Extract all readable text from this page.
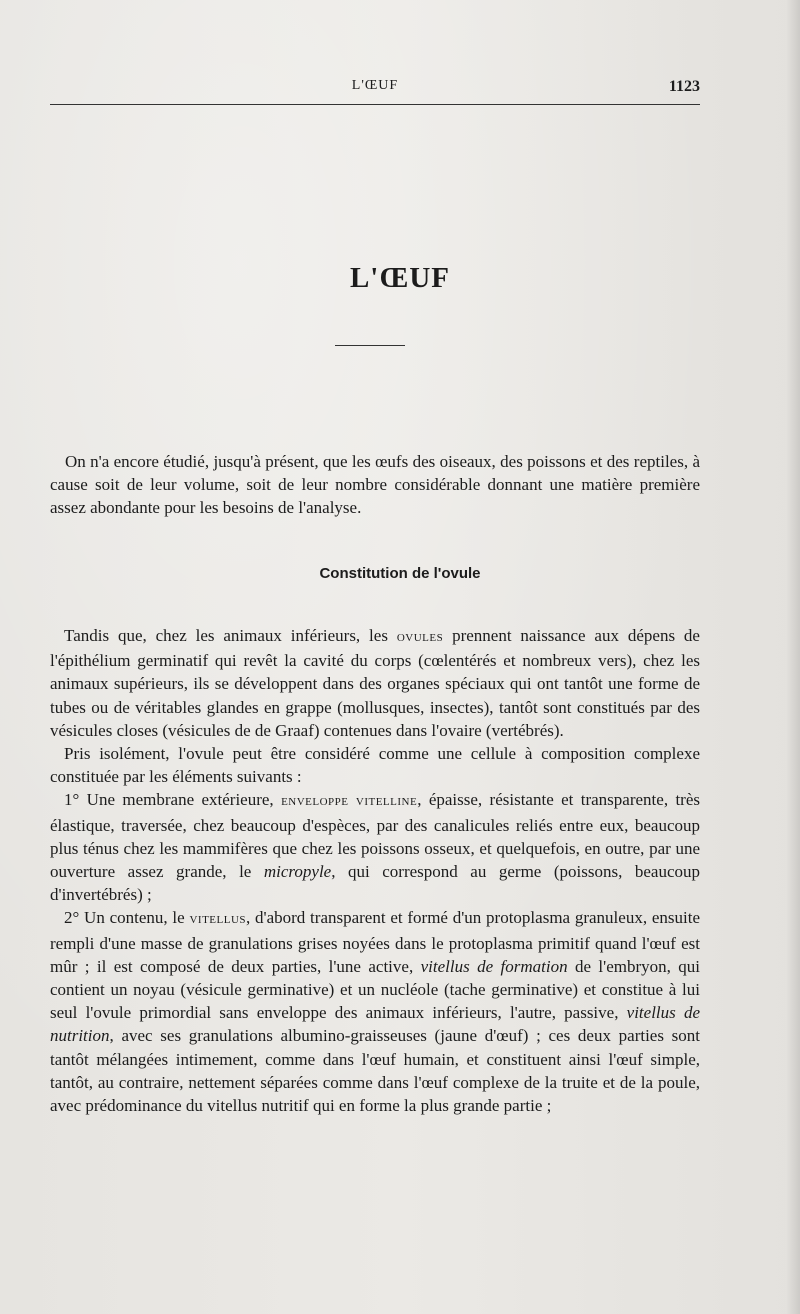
L'ŒUF	1123
L'ŒUF

On n'a encore étudié, jusqu'à présent, que les œufs des oiseaux, des poissons et des reptiles, à cause soit de leur volume, soit de leur nombre considérable donnant une matière première assez abondante pour les besoins de l'analyse.

Constitution de l'ovule

Tandis que, chez les animaux inférieurs, les ovules prennent naissance aux dépens de l'épithélium germinatif qui revêt la cavité du corps (cœlentérés et nombreux vers), chez les animaux supérieurs, ils se développent dans des organes spéciaux qui ont tantôt une forme de tubes ou de véritables glandes en grappe (mollusques, insectes), tantôt sont constitués par des vésicules closes (vésicules de de Graaf) contenues dans l'ovaire (vertébrés).

Pris isolément, l'ovule peut être considéré comme une cellule à composition complexe constituée par les éléments suivants :

1° Une membrane extérieure, enveloppe vitelline, épaisse, résistante et transparente, très élastique, traversée, chez beaucoup d'espèces, par des canalicules reliés entre eux, beaucoup plus ténus chez les mammifères que chez les poissons osseux, et quelquefois, en outre, par une ouverture assez grande, le micropyle, qui correspond au germe (poissons, beaucoup d'invertébrés) ;

2° Un contenu, le vitellus, d'abord transparent et formé d'un protoplasma granuleux, ensuite rempli d'une masse de granulations grises noyées dans le protoplasma primitif quand l'œuf est mûr ; il est composé de deux parties, l'une active, vitellus de formation de l'embryon, qui contient un noyau (vésicule germinative) et un nucléole (tache germinative) et constitue à lui seul l'ovule primordial sans enveloppe des animaux inférieurs, l'autre, passive, vitellus de nutrition, avec ses granulations albumino-graisseuses (jaune d'œuf) ; ces deux parties sont tantôt mélangées intimement, comme dans l'œuf humain, et constituent ainsi l'œuf simple, tantôt, au contraire, nettement séparées comme dans l'œuf complexe de la truite et de la poule, avec prédominance du vitellus nutritif qui en forme la plus grande partie ;
